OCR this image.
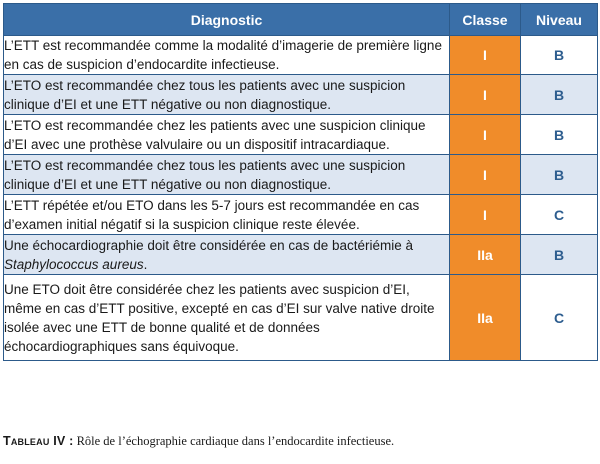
Diagnostic	Classe	Niveau
L’ETT est recommandée comme la modalité d’imagerie de première ligne en cas de suspicion d’endocardite infectieuse.	I	B
L’ETO est recommandée chez tous les patients avec une suspicion clinique d’EI et une ETT négative ou non diagnostique.	I	B
L’ETO est recommandée chez les patients avec une suspicion clinique d’EI avec une prothèse valvulaire ou un dispositif intracardiaque.	I	B
L’ETO est recommandée chez tous les patients avec une suspicion clinique d’EI et une ETT négative ou non diagnostique.	I	B
L’ETT répétée et/ou ETO dans les 5-7 jours est recommandée en cas d’examen initial négatif si la suspicion clinique reste élevée.	I	C
Une échocardiographie doit être considérée en cas de bactériémie à Staphylococcus aureus.	IIa	B
Une ETO doit être considérée chez les patients avec suspicion d’EI, même en cas d’ETT positive, excepté en cas d’EI sur valve native droite isolée avec une ETT de bonne qualité et de données échocardiographiques sans équivoque.	IIa	C
Tableau IV : Rôle de l’échographie cardiaque dans l’endocardite infectieuse.
